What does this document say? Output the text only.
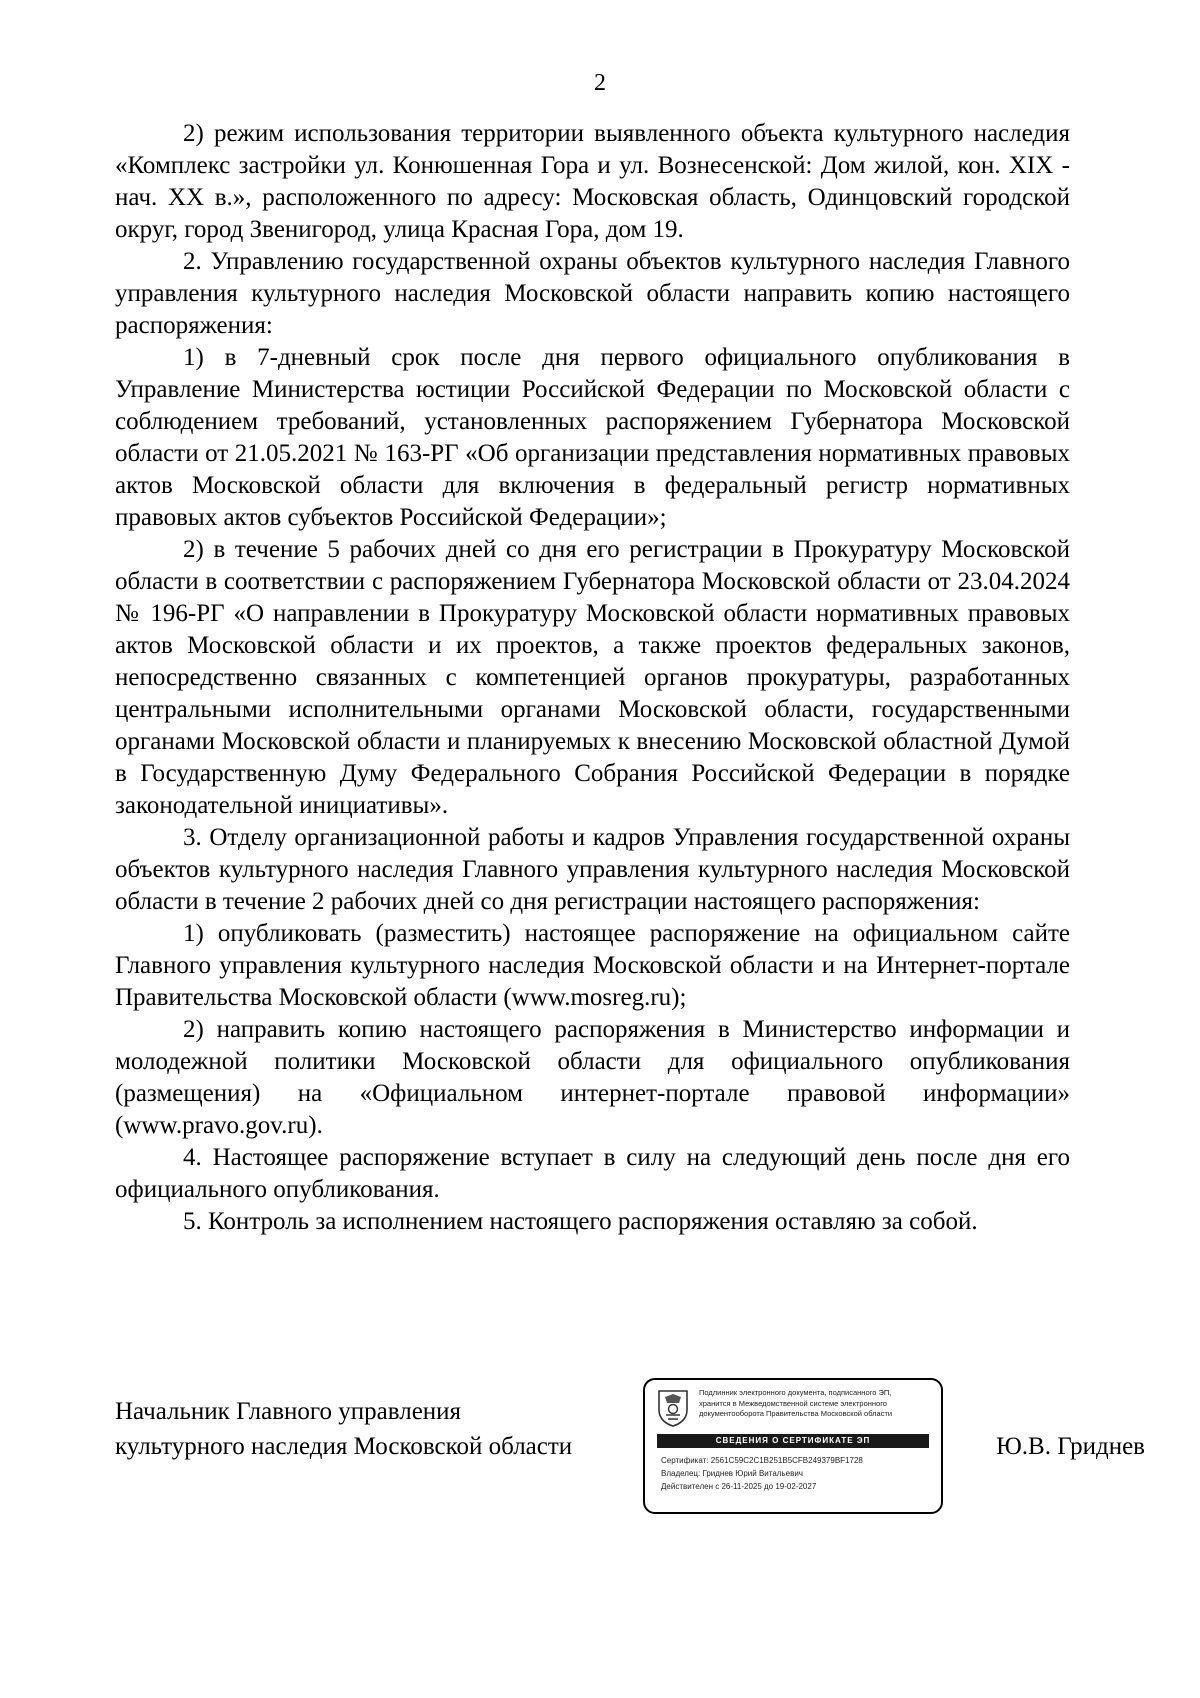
2

2) режим использования территории выявленного объекта культурного наследия «Комплекс застройки ул. Конюшенная Гора и ул. Вознесенской: Дом жилой, кон. XIX - нач. XX в.», расположенного по адресу: Московская область, Одинцовский городской округ, город Звенигород, улица Красная Гора, дом 19.

2. Управлению государственной охраны объектов культурного наследия Главного управления культурного наследия Московской области направить копию настоящего распоряжения:

1) в 7-дневный срок после дня первого официального опубликования в Управление Министерства юстиции Российской Федерации по Московской области с соблюдением требований, установленных распоряжением Губернатора Московской области от 21.05.2021 № 163-РГ «Об организации представления нормативных правовых актов Московской области для включения в федеральный регистр нормативных правовых актов субъектов Российской Федерации»;

2) в течение 5 рабочих дней со дня его регистрации в Прокуратуру Московской области в соответствии с распоряжением Губернатора Московской области от 23.04.2024 № 196-РГ «О направлении в Прокуратуру Московской области нормативных правовых актов Московской области и их проектов, а также проектов федеральных законов, непосредственно связанных с компетенцией органов прокуратуры, разработанных центральными исполнительными органами Московской области, государственными органами Московской области и планируемых к внесению Московской областной Думой в Государственную Думу Федерального Собрания Российской Федерации в порядке законодательной инициативы».

3. Отделу организационной работы и кадров Управления государственной охраны объектов культурного наследия Главного управления культурного наследия Московской области в течение 2 рабочих дней со дня регистрации настоящего распоряжения:

1) опубликовать (разместить) настоящее распоряжение на официальном сайте Главного управления культурного наследия Московской области и на Интернет-портале Правительства Московской области (www.mosreg.ru);

2) направить копию настоящего распоряжения в Министерство информации и молодежной политики Московской области для официального опубликования (размещения) на «Официальном интернет-портале правовой информации» (www.pravo.gov.ru).

4. Настоящее распоряжение вступает в силу на следующий день после дня его официального опубликования.

5. Контроль за исполнением настоящего распоряжения оставляю за собой.

Начальник Главного управления
культурного наследия Московской области
Подлинник электронного документа, подписанного ЭП,
хранится в Межведомственной системе электронного
документооборота Правительства Московской области
СВЕДЕНИЯ О СЕРТИФИКАТЕ ЭП
Сертификат: 2561C59C2C1B251B5CFB249379BF1728
Владелец: Гриднев Юрий Витальевич
Действителен с 26-11-2025 до 19-02-2027
Ю.В. Гриднев
